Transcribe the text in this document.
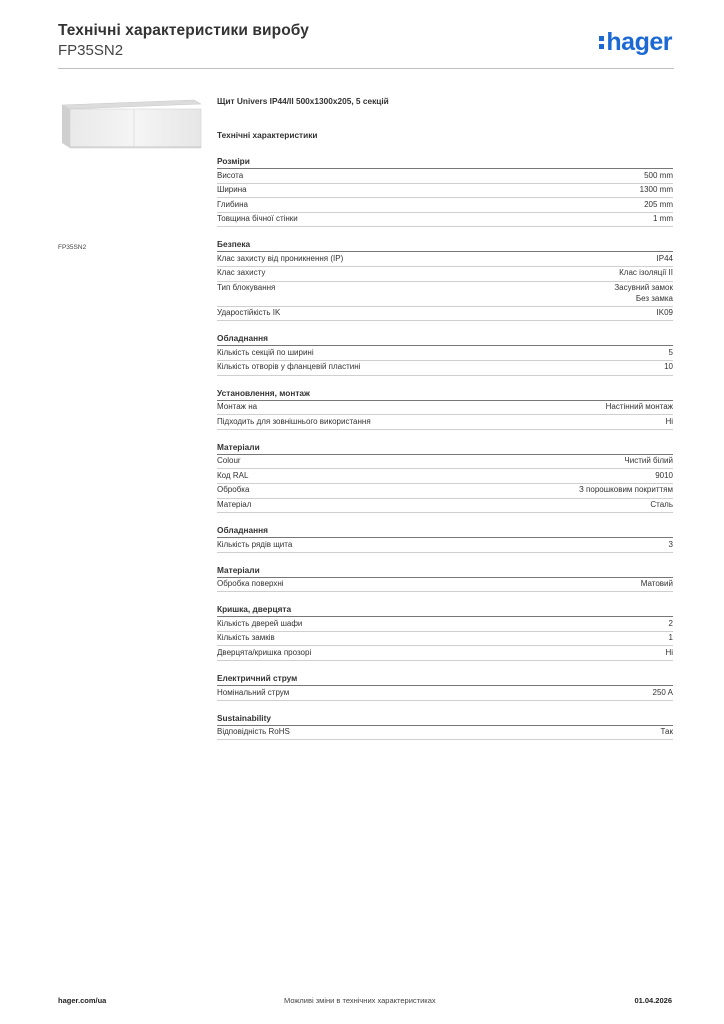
Технічні характеристики виробу
FP35SN2	hager
FP35SN2
Щит Univers IP44/II 500x1300x205, 5 секцій
Технічні характеристики
Розміри
Висота	500 mm
Ширина	1300 mm
Глибина	205 mm
Товщина бічної стінки	1 mm
Безпека
Клас захисту від проникнення (IP)	IP44
Клас захисту	Клас ізоляції II
Тип блокування	Засувний замок
Без замка
Ударостійкість IK	IK09
Обладнання
Кількість секцій по ширині	5
Кількість отворів у фланцевій пластині	10
Установлення, монтаж
Монтаж на	Настінний монтаж
Підходить для зовнішнього використання	Ні
Матеріали
Colour	Чистий білий
Код RAL	9010
Обробка	З порошковим покриттям
Матеріал	Сталь
Обладнання
Кількість рядів щита	3
Матеріали
Обробка поверхні	Матовий
Кришка, дверцята
Кількість дверей шафи	2
Кількість замків	1
Дверцята/кришка прозорі	Ні
Електричний струм
Номінальний струм	250 A
Sustainability
Відповідність RoHS	Так
hager.com/ua	Можливі зміни в технічних характеристиках	01.04.2026
